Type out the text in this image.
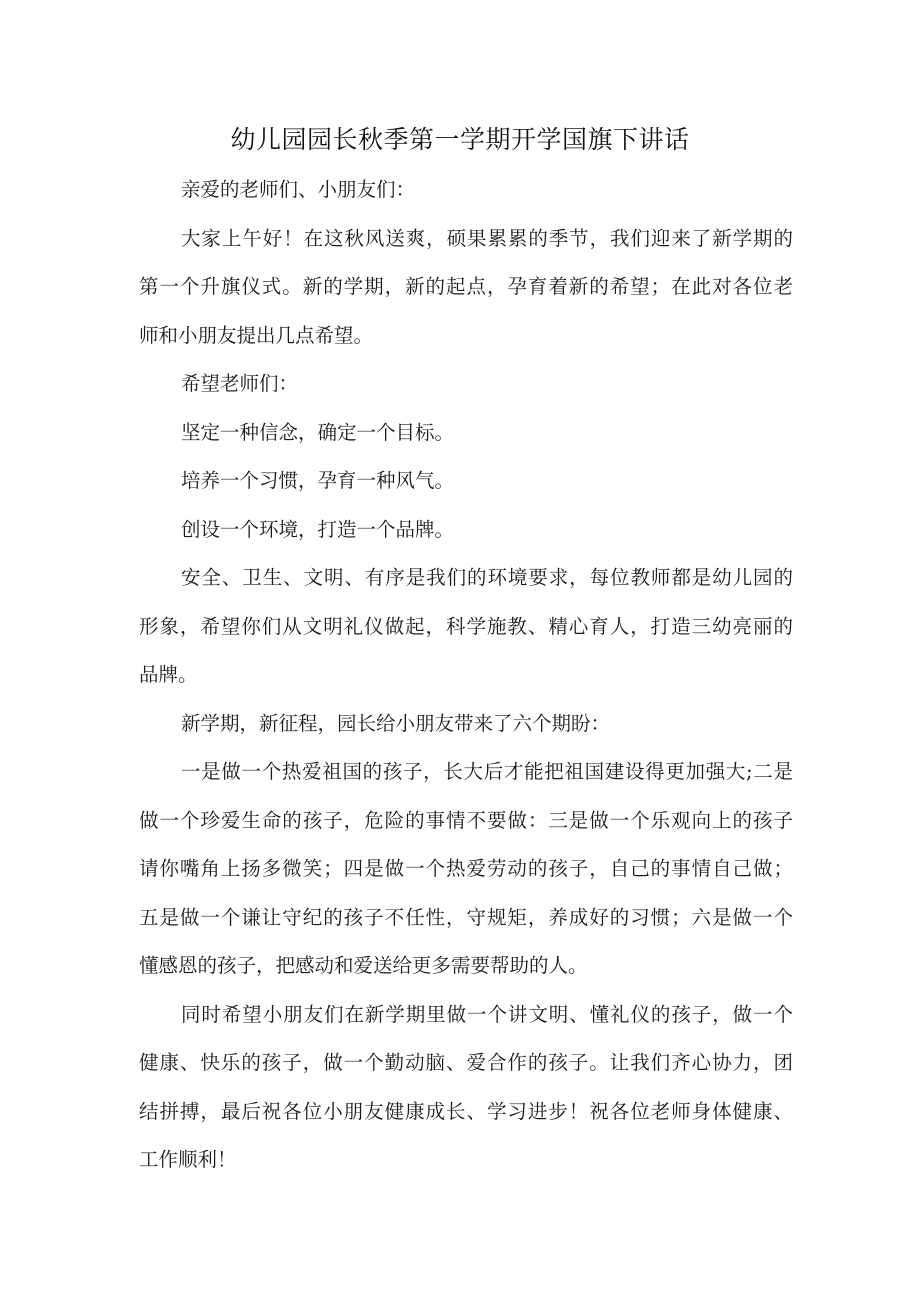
幼儿园园长秋季第一学期开学国旗下讲话
亲爱的老师们、小朋友们：
大家上午好！在这秋风送爽，硕果累累的季节，我们迎来了新学期的
第一个升旗仪式。新的学期，新的起点，孕育着新的希望；在此对各位老
师和小朋友提出几点希望。
希望老师们：
坚定一种信念，确定一个目标。
培养一个习惯，孕育一种风气。
创设一个环境，打造一个品牌。
安全、卫生、文明、有序是我们的环境要求，每位教师都是幼儿园的
形象，希望你们从文明礼仪做起，科学施教、精心育人，打造三幼亮丽的
品牌。
新学期，新征程，园长给小朋友带来了六个期盼：
一是做一个热爱祖国的孩子，长大后才能把祖国建设得更加强大;二是
做一个珍爱生命的孩子，危险的事情不要做：三是做一个乐观向上的孩子
请你嘴角上扬多微笑；四是做一个热爱劳动的孩子，自己的事情自己做；
五是做一个谦让守纪的孩子不任性，守规矩，养成好的习惯；六是做一个
懂感恩的孩子，把感动和爱送给更多需要帮助的人。
同时希望小朋友们在新学期里做一个讲文明、懂礼仪的孩子，做一个
健康、快乐的孩子，做一个勤动脑、爱合作的孩子。让我们齐心协力，团
结拼搏，最后祝各位小朋友健康成长、学习进步！祝各位老师身体健康、
工作顺利！
